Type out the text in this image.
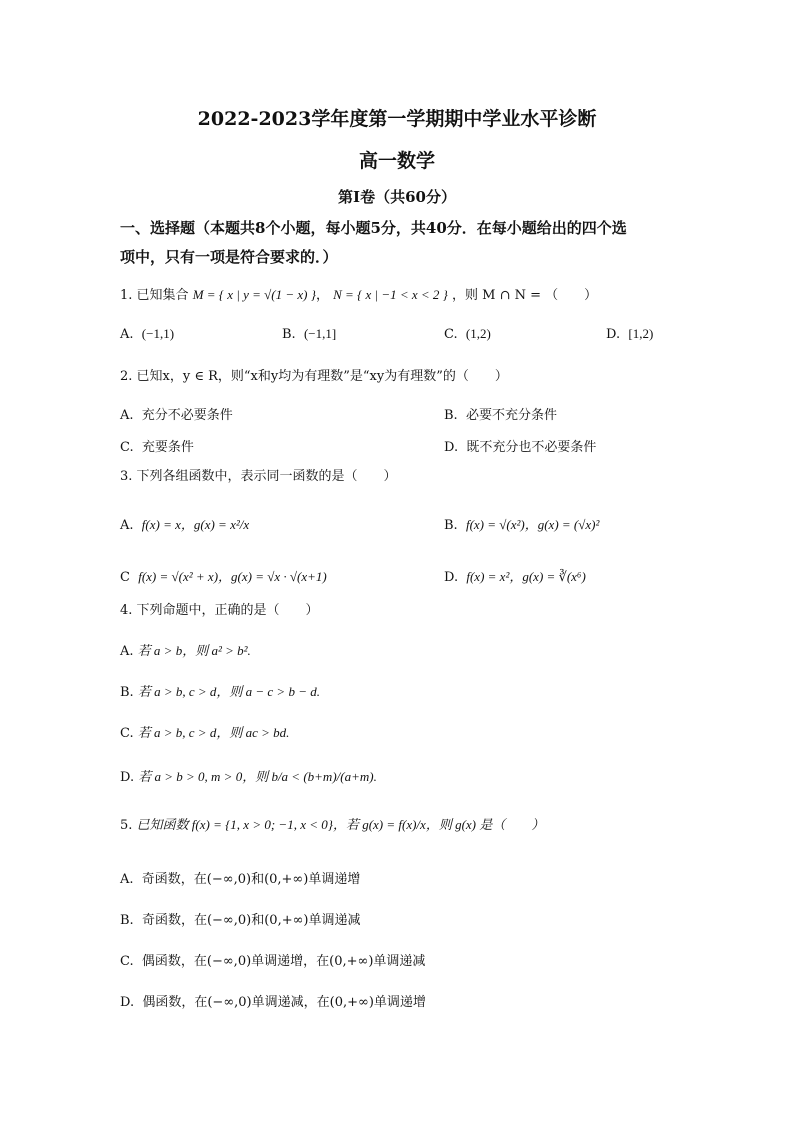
2022-2023学年度第一学期期中学业水平诊断
高一数学
第I卷（共60分）
一、选择题（本题共8个小题，每小题5分，共40分．在每小题给出的四个选
项中，只有一项是符合要求的．）
1. 已知集合 M = { x | y = √(1 − x) }， N = { x | −1 < x < 2 } ，则 M ∩ N = （　　）
A. (−1,1)	B. (−1,1]	C. (1,2)	D. [1,2)
2. 已知x，y ∈ R，则“x和y均为有理数”是“xy为有理数”的（　　）
A. 充分不必要条件	B. 必要不充分条件
C. 充要条件	D. 既不充分也不必要条件
3. 下列各组函数中，表示同一函数的是（　　）
A. f(x) = x，g(x) = x²/x	B. f(x) = √(x²)，g(x) = (√x)²
C f(x) = √(x² + x)，g(x) = √x · √(x+1)	D. f(x) = x²，g(x) = ∛(x⁶)
4. 下列命题中，正确的是（　　）
A. 若 a > b，则 a² > b².
B. 若 a > b, c > d，则 a − c > b − d.
C. 若 a > b, c > d，则 ac > bd.
D. 若 a > b > 0, m > 0，则 b/a < (b+m)/(a+m).
5. 已知函数 f(x) = {1, x > 0; −1, x < 0}，若 g(x) = f(x)/x，则 g(x) 是（　　）
A. 奇函数，在(−∞,0)和(0,+∞)单调递增
B. 奇函数，在(−∞,0)和(0,+∞)单调递减
C. 偶函数，在(−∞,0)单调递增，在(0,+∞)单调递减
D. 偶函数，在(−∞,0)单调递减，在(0,+∞)单调递增
